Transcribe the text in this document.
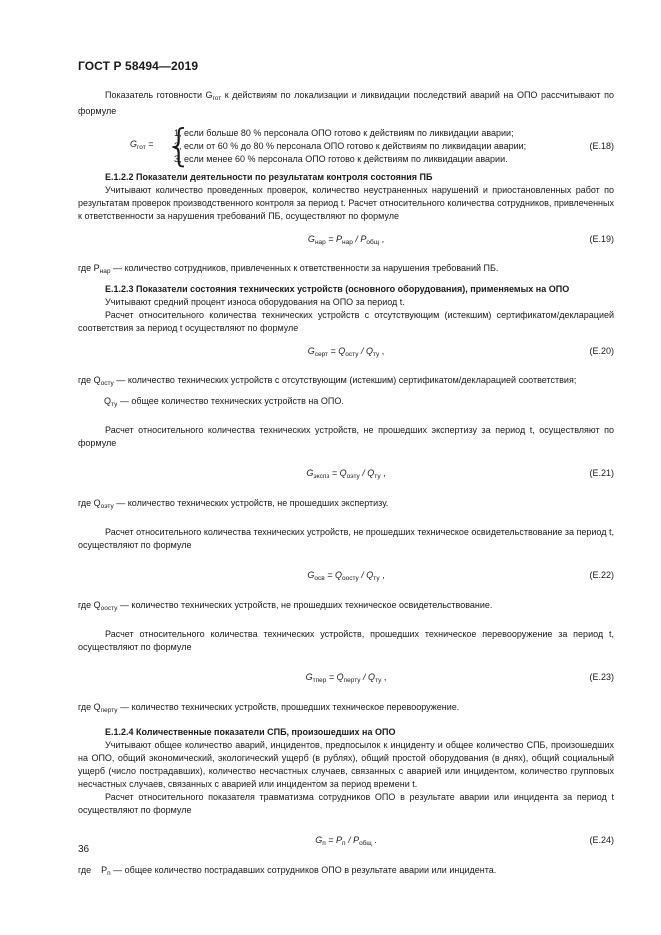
ГОСТ Р 58494—2019

Показатель готовности $G_{гот}$ к действиям по локализации и ликвидации последствий аварий на ОПО рассчитывают по формуле

$G_{гот}$ = {
1, если больше 80 % персонала ОПО готово к действиям по ликвидации аварии;
2, если от 60 % до 80 % персонала ОПО готово к действиям по ликвидации аварии;
3, если менее 60 % персонала ОПО готово к действиям по ликвидации аварии.
(E.18)

Е.1.2.2 Показатели деятельности по результатам контроля состояния ПБ

Учитывают количество проведенных проверок, количество неустраненных нарушений и приостановленных работ по результатам проверок производственного контроля за период t. Расчет относительного количества сотрудников, привлеченных к ответственности за нарушения требований ПБ, осуществляют по формуле

$G_{нар} = P_{нар} / P_{общ}$ ,	(E.19)

где $P_{нар}$ — количество сотрудников, привлеченных к ответственности за нарушения требований ПБ.

Е.1.2.3 Показатели состояния технических устройств (основного оборудования), применяемых на ОПО

Учитывают средний процент износа оборудования на ОПО за период t.

Расчет относительного количества технических устройств с отсутствующим (истекшим) сертификатом/декларацией соответствия за период t осуществляют по формуле

$G_{серт} = Q_{осту} / Q_{ту}$ ,	(E.20)

где $Q_{осту}$ — количество технических устройств с отсутствующим (истекшим) сертификатом/декларацией соответствия;

$Q_{ту}$ — общее количество технических устройств на ОПО.

Расчет относительного количества технических устройств, не прошедших экспертизу за период t, осуществляют по формуле

$G_{экспз} = Q_{оэту} / Q_{ту}$ ,	(E.21)

где $Q_{оэту}$ — количество технических устройств, не прошедших экспертизу.

Расчет относительного количества технических устройств, не прошедших техническое освидетельствование за период t, осуществляют по формуле

$G_{осв} = Q_{оосту} / Q_{ту}$ ,	(E.22)

где $Q_{оосту}$ — количество технических устройств, не прошедших техническое освидетельствование.

Расчет относительного количества технических устройств, прошедших техническое перевооружение за период t, осуществляют по формуле

$G_{тпер} = Q_{перту} / Q_{ту}$ ,	(E.23)

где $Q_{перту}$ — количество технических устройств, прошедших техническое перевооружение.

Е.1.2.4 Количественные показатели СПБ, произошедших на ОПО

Учитывают общее количество аварий, инцидентов, предпосылок к инциденту и общее количество СПБ, произошедших на ОПО, общий экономический, экологический ущерб (в рублях), общий простой оборудования (в днях), общий социальный ущерб (число пострадавших), количество несчастных случаев, связанных с аварией или инцидентом, количество групповых несчастных случаев, связанных с аварией или инцидентом за период времени t.

Расчет относительного показателя травматизма сотрудников ОПО в результате аварии или инцидента за период t осуществляют по формуле

$G_п = P_п / P_{общ}$ .	(E.24)

где    $P_п$ — общее количество пострадавших сотрудников ОПО в результате аварии или инцидента.

36
